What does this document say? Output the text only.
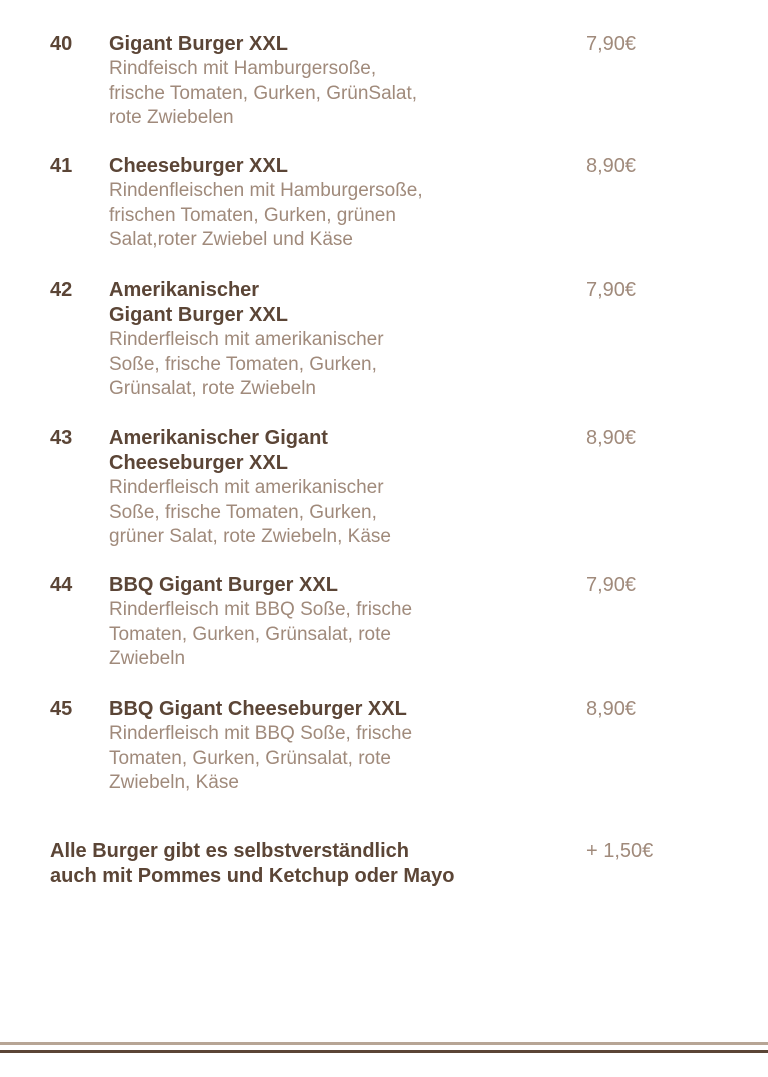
40 Gigant Burger XXL
Rindfeisch mit Hamburgersoße,
frische Tomaten, Gurken, GrünSalat,
rote Zwiebelen
7,90€
41 Cheeseburger XXL
Rindenfleischen mit Hamburgersoße,
frischen Tomaten, Gurken, grünen
Salat,roter Zwiebel und Käse
8,90€
42 Amerikanischer
Gigant Burger XXL
Rinderfleisch mit amerikanischer
Soße, frische Tomaten, Gurken,
Grünsalat, rote Zwiebeln
7,90€
43 Amerikanischer Gigant
Cheeseburger XXL
Rinderfleisch mit amerikanischer
Soße, frische Tomaten, Gurken,
grüner Salat, rote Zwiebeln, Käse
8,90€
44 BBQ Gigant Burger XXL
Rinderfleisch mit BBQ Soße, frische
Tomaten, Gurken, Grünsalat, rote
Zwiebeln
7,90€
45 BBQ Gigant Cheeseburger XXL
Rinderfleisch mit BBQ Soße, frische
Tomaten, Gurken, Grünsalat, rote
Zwiebeln, Käse
8,90€
Alle Burger gibt es selbstverständlich
auch mit Pommes und Ketchup oder Mayo
+ 1,50€
